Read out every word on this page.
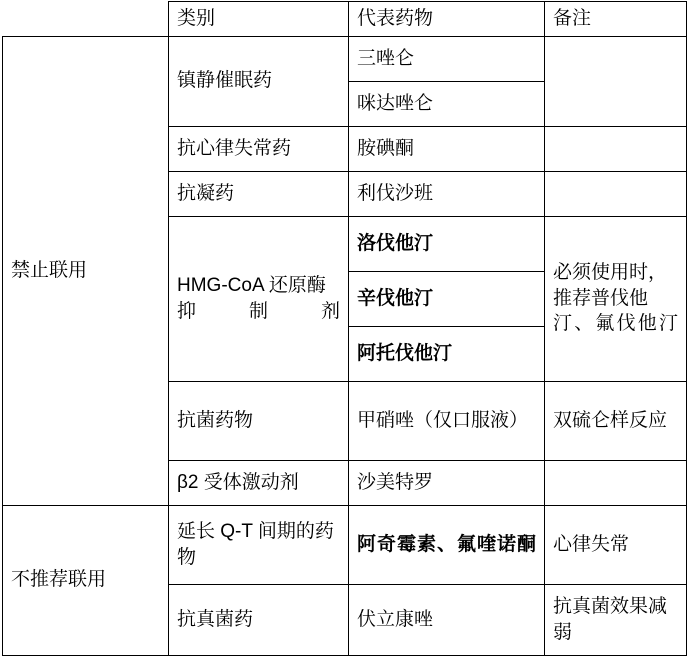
	类别	代表药物	备注
禁止联用	镇静催眠药	三唑仑	
		咪达唑仑	
	抗心律失常药	胺碘酮	
	抗凝药	利伐沙班	
	HMG-CoA 还原酶抑制剂	洛伐他汀	必须使用时，推荐普伐他汀、氟伐他汀
		辛伐他汀	
		阿托伐他汀	
	抗菌药物	甲硝唑（仅口服液）	双硫仑样反应
	β2 受体激动剂	沙美特罗	
不推荐联用	延长 Q-T 间期的药物	阿奇霉素、氟喹诺酮	心律失常
	抗真菌药	伏立康唑	抗真菌效果减弱
